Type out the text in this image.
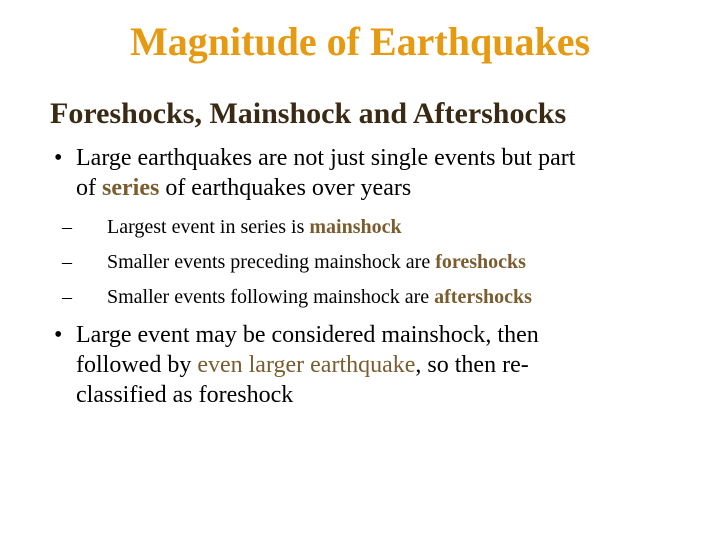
Magnitude of Earthquakes
Foreshocks, Mainshock and Aftershocks
• Large earthquakes are not just single events but part
of series of earthquakes over years
– Largest event in series is mainshock
– Smaller events preceding mainshock are foreshocks
– Smaller events following mainshock are aftershocks
• Large event may be considered mainshock, then
followed by even larger earthquake, so then re-
classified as foreshock
